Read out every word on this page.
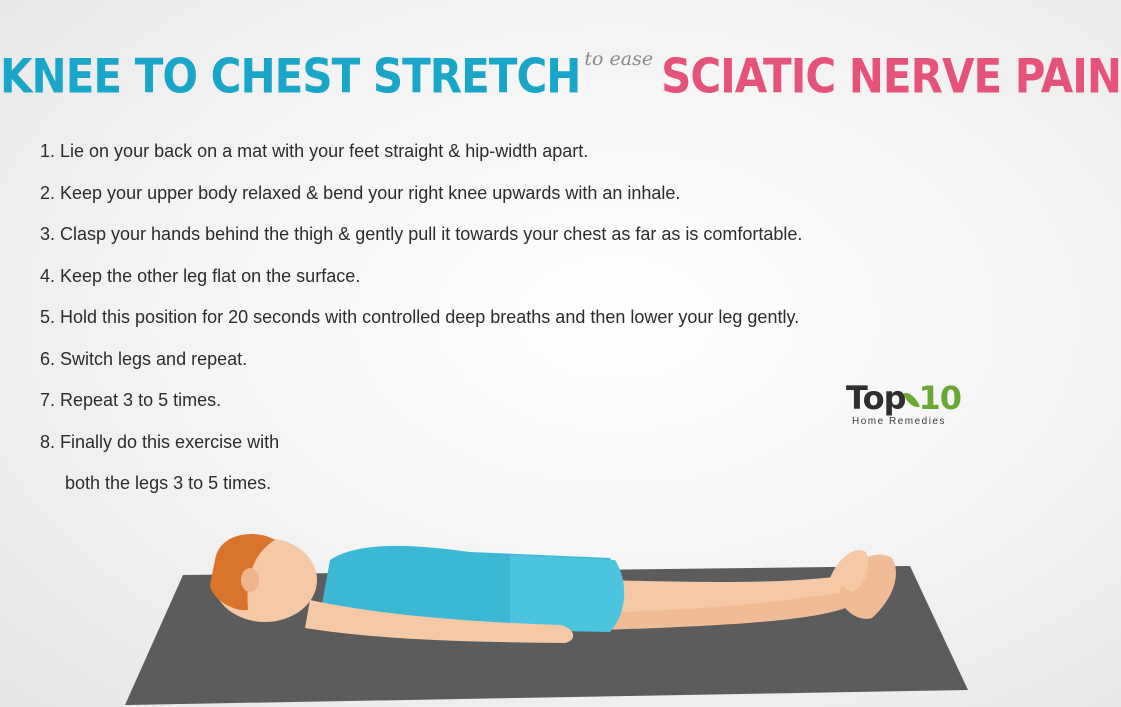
KNEE TO CHEST STRETCH to ease SCIATIC NERVE PAIN
1. Lie on your back on a mat with your feet straight & hip-width apart.
2. Keep your upper body relaxed & bend your right knee upwards with an inhale.
3. Clasp your hands behind the thigh & gently pull it towards your chest as far as is comfortable.
4. Keep the other leg flat on the surface.
5. Hold this position for 20 seconds with controlled deep breaths and then lower your leg gently.
6. Switch legs and repeat.
7. Repeat 3 to 5 times.
8. Finally do this exercise with
both the legs 3 to 5 times.
Top 10
Home Remedies
